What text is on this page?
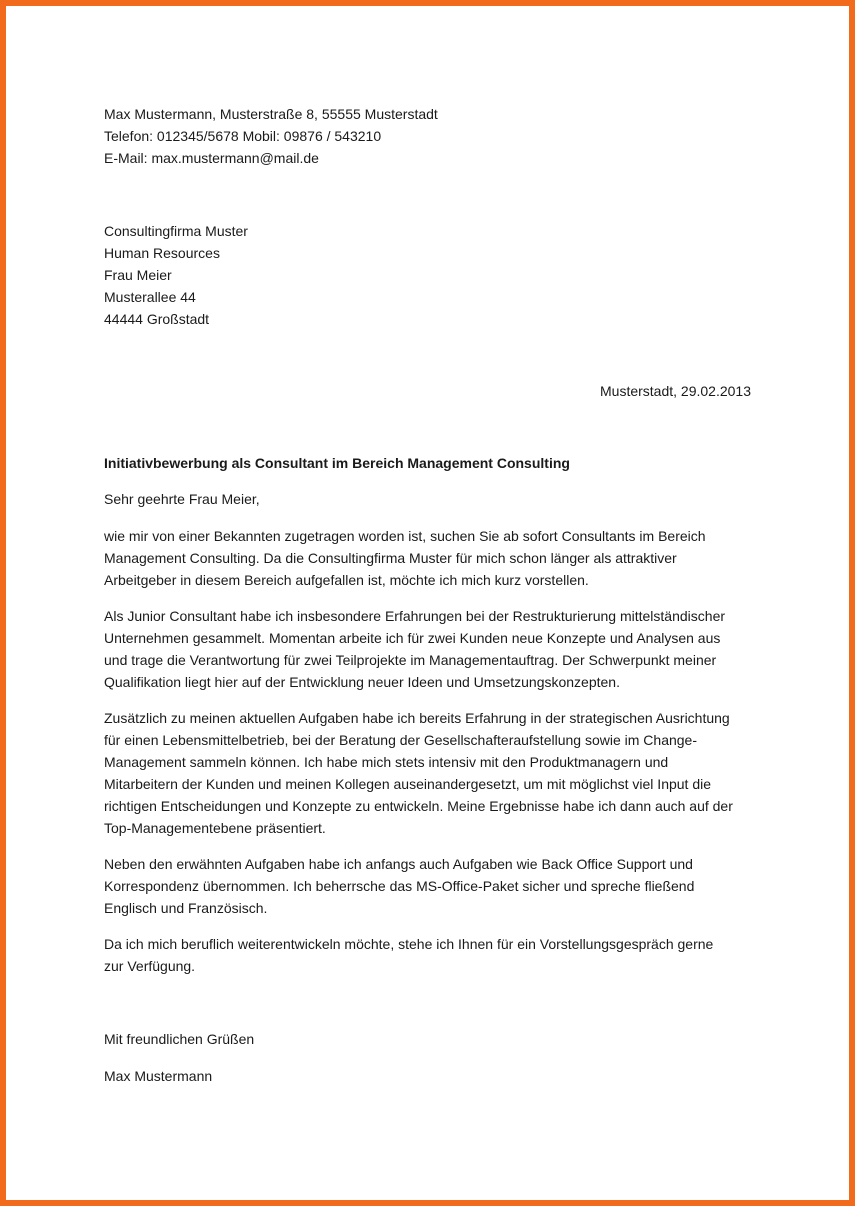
Max Mustermann, Musterstraße 8, 55555 Musterstadt
Telefon: 012345/5678 Mobil: 09876 / 543210
E-Mail: max.mustermann@mail.de
Consultingfirma Muster
Human Resources
Frau Meier
Musterallee 44
44444 Großstadt
Musterstadt, 29.02.2013
Initiativbewerbung als Consultant im Bereich Management Consulting
Sehr geehrte Frau Meier,
wie mir von einer Bekannten zugetragen worden ist, suchen Sie ab sofort Consultants im Bereich
Management Consulting. Da die Consultingfirma Muster für mich schon länger als attraktiver
Arbeitgeber in diesem Bereich aufgefallen ist, möchte ich mich kurz vorstellen.
Als Junior Consultant habe ich insbesondere Erfahrungen bei der Restrukturierung mittelständischer
Unternehmen gesammelt. Momentan arbeite ich für zwei Kunden neue Konzepte und Analysen aus
und trage die Verantwortung für zwei Teilprojekte im Managementauftrag. Der Schwerpunkt meiner
Qualifikation liegt hier auf der Entwicklung neuer Ideen und Umsetzungskonzepten.
Zusätzlich zu meinen aktuellen Aufgaben habe ich bereits Erfahrung in der strategischen Ausrichtung
für einen Lebensmittelbetrieb, bei der Beratung der Gesellschafteraufstellung sowie im Change-
Management sammeln können. Ich habe mich stets intensiv mit den Produktmanagern und
Mitarbeitern der Kunden und meinen Kollegen auseinandergesetzt, um mit möglichst viel Input die
richtigen Entscheidungen und Konzepte zu entwickeln. Meine Ergebnisse habe ich dann auch auf der
Top-Managementebene präsentiert.
Neben den erwähnten Aufgaben habe ich anfangs auch Aufgaben wie Back Office Support und
Korrespondenz übernommen. Ich beherrsche das MS-Office-Paket sicher und spreche fließend
Englisch und Französisch.
Da ich mich beruflich weiterentwickeln möchte, stehe ich Ihnen für ein Vorstellungsgespräch gerne
zur Verfügung.
Mit freundlichen Grüßen
Max Mustermann
